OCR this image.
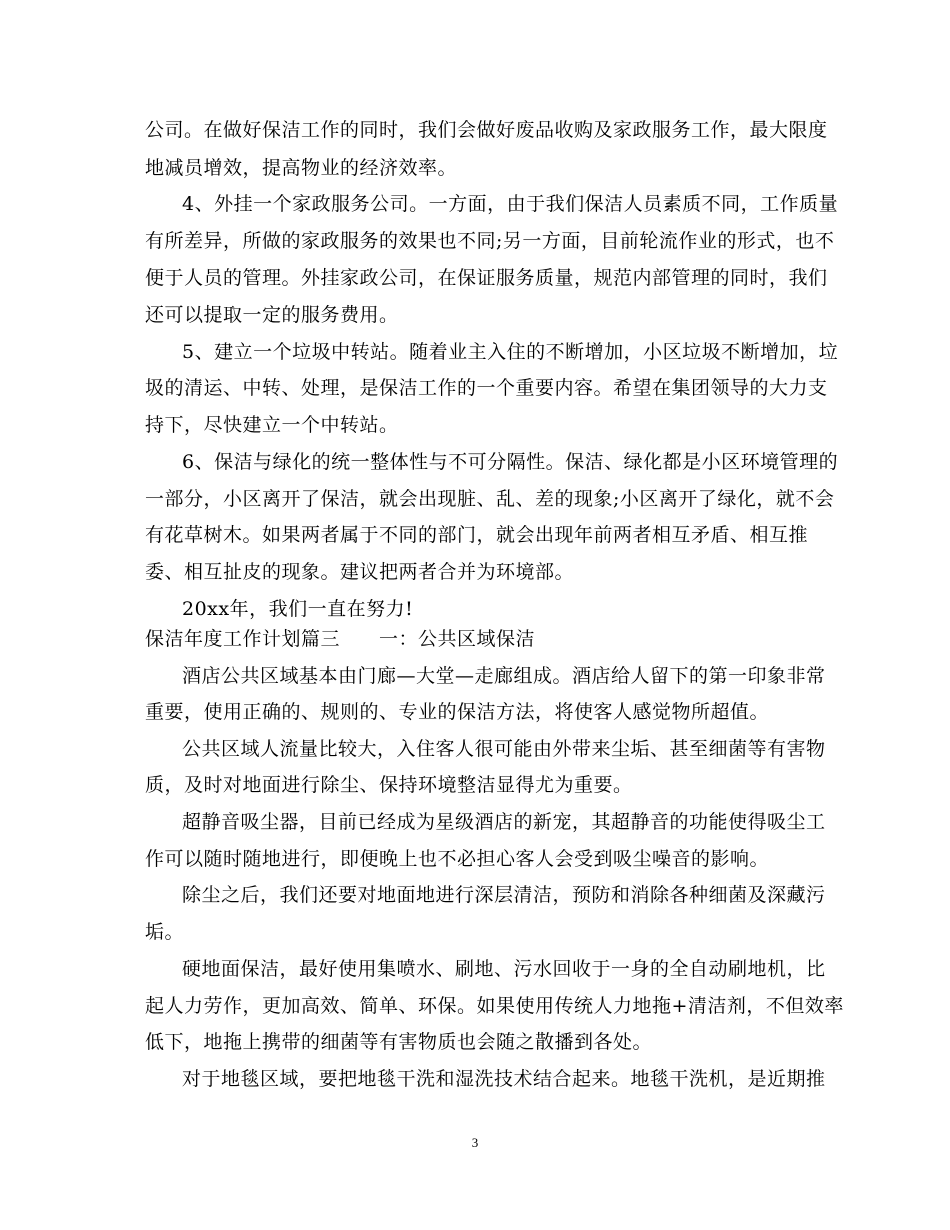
公司。在做好保洁工作的同时，我们会做好废品收购及家政服务工作，最大限度
地减员增效，提高物业的经济效率。
4、外挂一个家政服务公司。一方面，由于我们保洁人员素质不同，工作质量
有所差异，所做的家政服务的效果也不同;另一方面，目前轮流作业的形式，也不
便于人员的管理。外挂家政公司，在保证服务质量，规范内部管理的同时，我们
还可以提取一定的服务费用。
5、建立一个垃圾中转站。随着业主入住的不断增加，小区垃圾不断增加，垃
圾的清运、中转、处理，是保洁工作的一个重要内容。希望在集团领导的大力支
持下，尽快建立一个中转站。
6、保洁与绿化的统一整体性与不可分隔性。保洁、绿化都是小区环境管理的
一部分，小区离开了保洁，就会出现脏、乱、差的现象;小区离开了绿化，就不会
有花草树木。如果两者属于不同的部门，就会出现年前两者相互矛盾、相互推
委、相互扯皮的现象。建议把两者合并为环境部。
20xx年，我们一直在努力!
保洁年度工作计划篇三　　一：公共区域保洁
酒店公共区域基本由门廊—大堂—走廊组成。酒店给人留下的第一印象非常
重要，使用正确的、规则的、专业的保洁方法，将使客人感觉物所超值。
公共区域人流量比较大，入住客人很可能由外带来尘垢、甚至细菌等有害物
质，及时对地面进行除尘、保持环境整洁显得尤为重要。
超静音吸尘器，目前已经成为星级酒店的新宠，其超静音的功能使得吸尘工
作可以随时随地进行，即便晚上也不必担心客人会受到吸尘噪音的影响。
除尘之后，我们还要对地面地进行深层清洁，预防和消除各种细菌及深藏污
垢。
硬地面保洁，最好使用集喷水、刷地、污水回收于一身的全自动刷地机，比
起人力劳作，更加高效、简单、环保。如果使用传统人力地拖+清洁剂，不但效率
低下，地拖上携带的细菌等有害物质也会随之散播到各处。
对于地毯区域，要把地毯干洗和湿洗技术结合起来。地毯干洗机，是近期推
3
